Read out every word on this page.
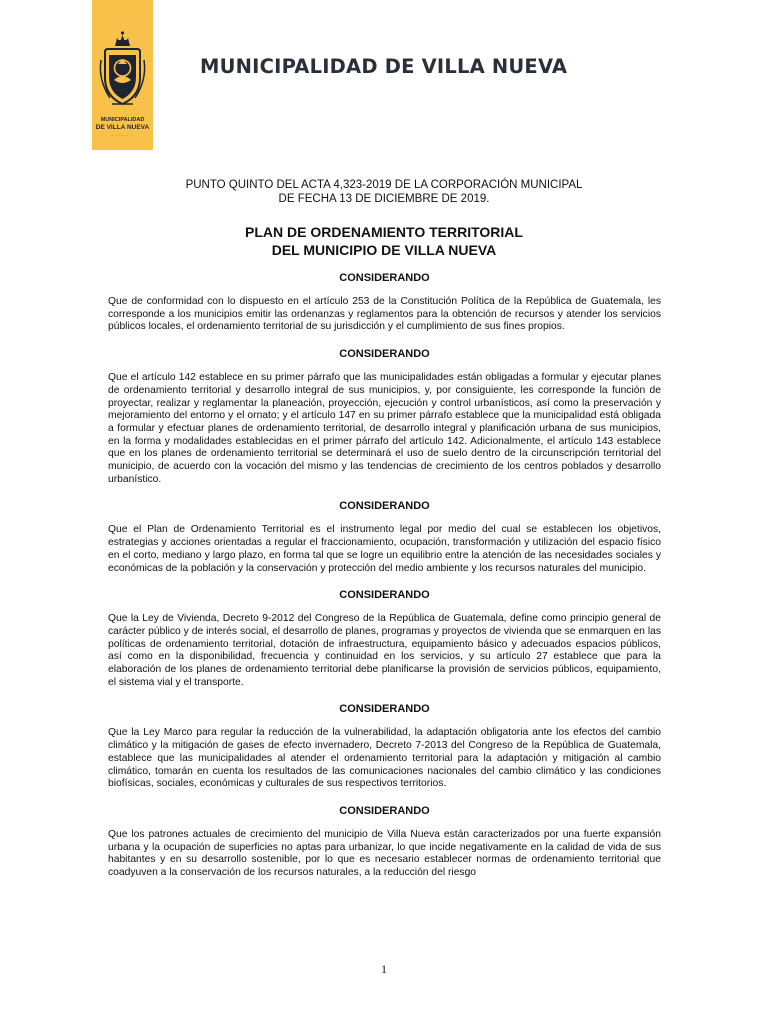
MUNICIPALIDAD
DE VILLA NUEVA
· · · · · · · · · ·
MUNICIPALIDAD DE VILLA NUEVA
PUNTO QUINTO DEL ACTA 4,323-2019 DE LA CORPORACIÓN MUNICIPAL
DE FECHA 13 DE DICIEMBRE DE 2019.
PLAN DE ORDENAMIENTO TERRITORIAL
DEL MUNICIPIO DE VILLA NUEVA

CONSIDERANDO

Que de conformidad con lo dispuesto en el artículo 253 de la Constitución Política de la República de Guatemala, les corresponde a los municipios emitir las ordenanzas y reglamentos para la obtención de recursos y atender los servicios públicos locales, el ordenamiento territorial de su jurisdicción y el cumplimiento de sus fines propios.

CONSIDERANDO

Que el artículo 142 establece en su primer párrafo que las municipalidades están obligadas a formular y ejecutar planes de ordenamiento territorial y desarrollo integral de sus municipios, y, por consiguiente, les corresponde la función de proyectar, realizar y reglamentar la planeación, proyección, ejecución y control urbanísticos, así como la preservación y mejoramiento del entorno y el ornato; y el artículo 147 en su primer párrafo establece que la municipalidad está obligada a formular y efectuar planes de ordenamiento territorial, de desarrollo integral y planificación urbana de sus municipios, en la forma y modalidades establecidas en el primer párrafo del artículo 142. Adicionalmente, el artículo 143 establece que en los planes de ordenamiento territorial se determinará el uso de suelo dentro de la circunscripción territorial del municipio, de acuerdo con la vocación del mismo y las tendencias de crecimiento de los centros poblados y desarrollo urbanístico.

CONSIDERANDO

Que el Plan de Ordenamiento Territorial es el instrumento legal por medio del cual se establecen los objetivos, estrategias y acciones orientadas a regular el fraccionamiento, ocupación, transformación y utilización del espacio físico en el corto, mediano y largo plazo, en forma tal que se logre un equilibrio entre la atención de las necesidades sociales y económicas de la población y la conservación y protección del medio ambiente y los recursos naturales del municipio.

CONSIDERANDO

Que la Ley de Vivienda, Decreto 9-2012 del Congreso de la República de Guatemala, define como principio general de carácter público y de interés social, el desarrollo de planes, programas y proyectos de vivienda que se enmarquen en las políticas de ordenamiento territorial, dotación de infraestructura, equipamiento básico y adecuados espacios públicos, así como en la disponibilidad, frecuencia y continuidad en los servicios, y su artículo 27 establece que para la elaboración de los planes de ordenamiento territorial debe planificarse la provisión de servicios públicos, equipamiento, el sistema vial y el transporte.

CONSIDERANDO

Que la Ley Marco para regular la reducción de la vulnerabilidad, la adaptación obligatoria ante los efectos del cambio climático y la mitigación de gases de efecto invernadero, Decreto 7-2013 del Congreso de la República de Guatemala, establece que las municipalidades al atender el ordenamiento territorial para la adaptación y mitigación al cambio climático, tomarán en cuenta los resultados de las comunicaciones nacionales del cambio climático y las condiciones biofísicas, sociales, económicas y culturales de sus respectivos territorios.

CONSIDERANDO

Que los patrones actuales de crecimiento del municipio de Villa Nueva están caracterizados por una fuerte expansión urbana y la ocupación de superficies no aptas para urbanizar, lo que incide negativamente en la calidad de vida de sus habitantes y en su desarrollo sostenible, por lo que es necesario establecer normas de ordenamiento territorial que coadyuven a la conservación de los recursos naturales, a la reducción del riesgo

1
